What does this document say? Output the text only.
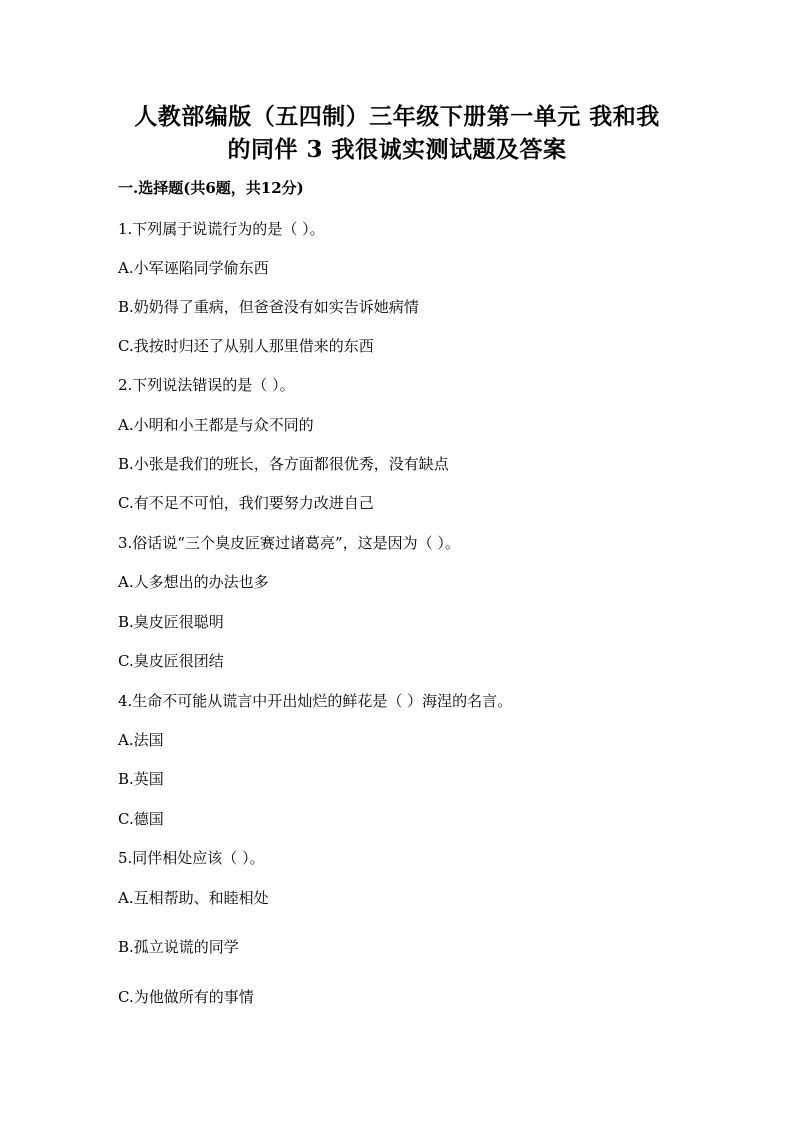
人教部编版（五四制）三年级下册第一单元 我和我
的同伴 3 我很诚实测试题及答案
一.选择题(共6题，共12分)
1.下列属于说谎行为的是（ ）。
A.小军诬陷同学偷东西
B.奶奶得了重病，但爸爸没有如实告诉她病情
C.我按时归还了从别人那里借来的东西
2.下列说法错误的是（ ）。
A.小明和小王都是与众不同的
B.小张是我们的班长，各方面都很优秀，没有缺点
C.有不足不可怕，我们要努力改进自己
3.俗话说“三个臭皮匠赛过诸葛亮”，这是因为（ ）。
A.人多想出的办法也多
B.臭皮匠很聪明
C.臭皮匠很团结
4.生命不可能从谎言中开出灿烂的鲜花是（ ）海涅的名言。
A.法国
B.英国
C.德国
5.同伴相处应该（ ）。
A.互相帮助、和睦相处
B.孤立说谎的同学
C.为他做所有的事情
